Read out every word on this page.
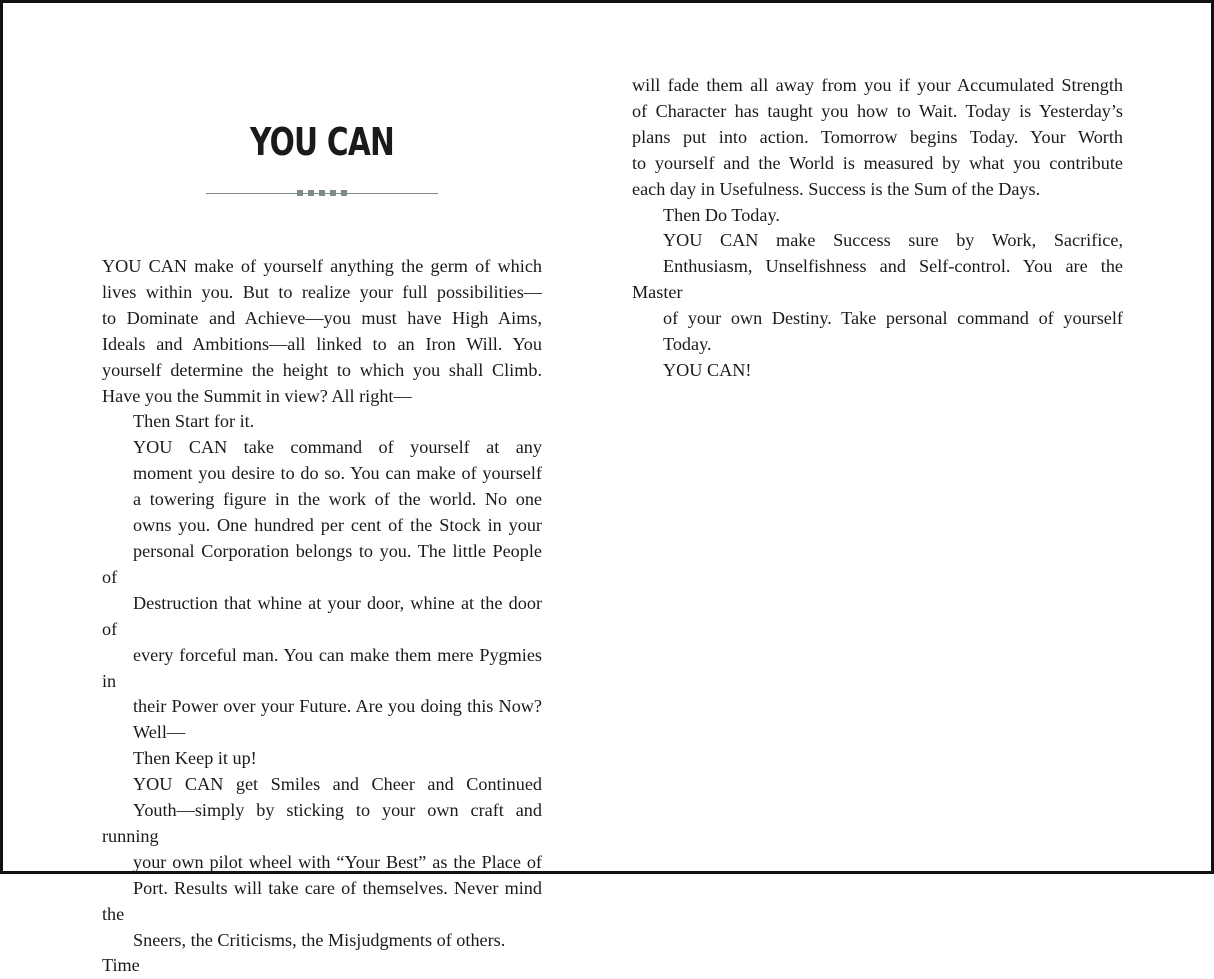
YOU CAN

YOU CAN make of yourself anything the germ of which
lives within you. But to realize your full possibilities—
to Dominate and Achieve—you must have High Aims,
Ideals and Ambitions—all linked to an Iron Will. You
yourself determine the height to which you shall Climb.
Have you the Summit in view? All right—

Then Start for it.

YOU CAN take command of yourself at any
moment you desire to do so. You can make of yourself
a towering figure in the work of the world. No one
owns you. One hundred per cent of the Stock in your
personal Corporation belongs to you. The little People of
Destruction that whine at your door, whine at the door of
every forceful man. You can make them mere Pygmies in
their Power over your Future. Are you doing this Now?
Well—

Then Keep it up!

YOU CAN get Smiles and Cheer and Continued
Youth—simply by sticking to your own craft and running
your own pilot wheel with “Your Best” as the Place of
Port. Results will take care of themselves. Never mind the
Sneers, the Criticisms, the Misjudgments of others. Time

will fade them all away from you if your Accumulated Strength
of Character has taught you how to Wait. Today is Yesterday’s
plans put into action. Tomorrow begins Today. Your Worth
to yourself and the World is measured by what you contribute
each day in Usefulness. Success is the Sum of the Days.

Then Do Today.

YOU CAN make Success sure by Work, Sacrifice,
Enthusiasm, Unselfishness and Self-control. You are the Master
of your own Destiny. Take personal command of yourself
Today.

YOU CAN!
